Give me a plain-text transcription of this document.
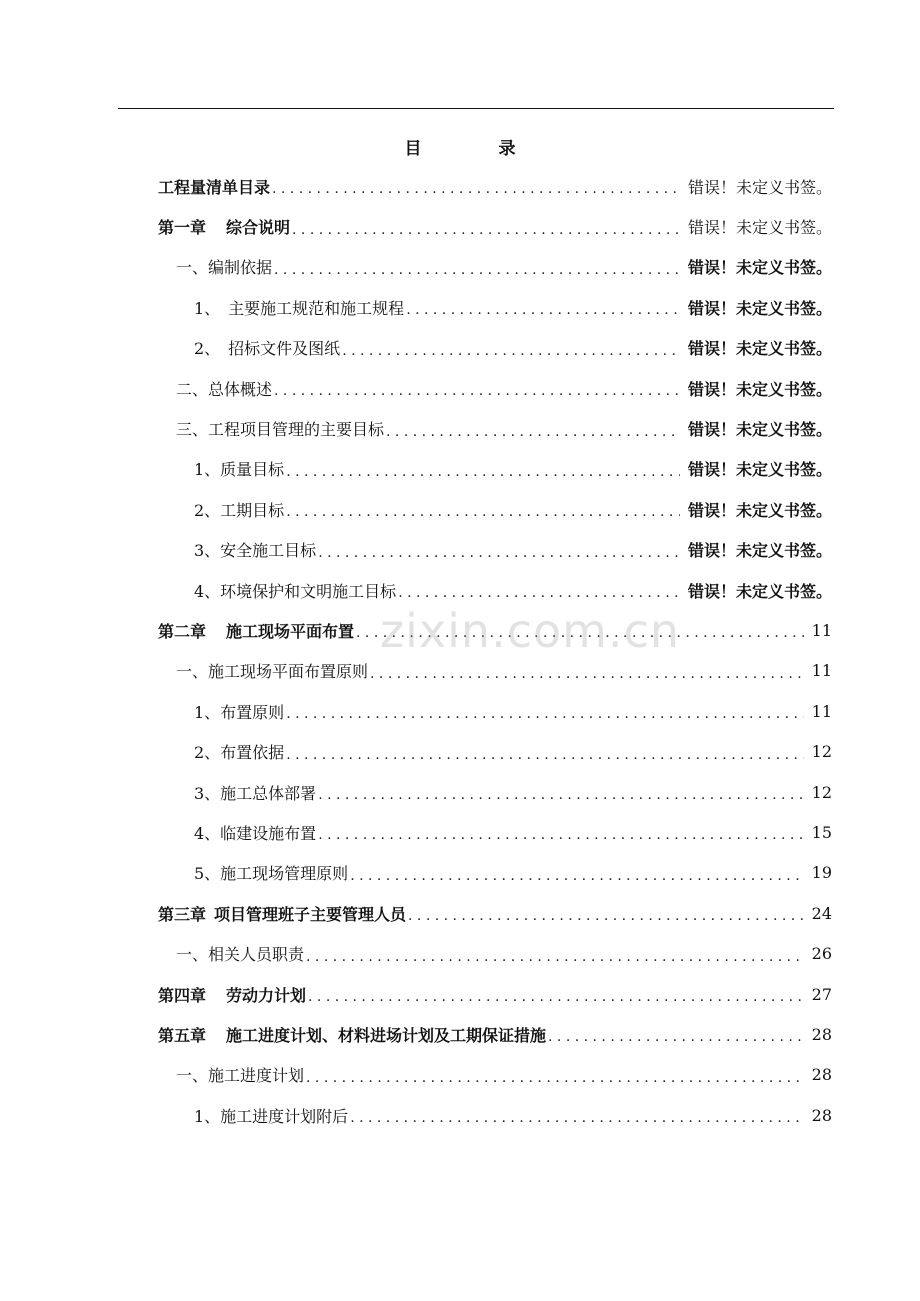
目　录
工程量清单目录 . . .	错误！未定义书签。
第一章 综合说明 . . .	错误！未定义书签。
一、编制依据 . . .	错误！未定义书签。
1、　主要施工规范和施工规程 . . .	错误！未定义书签。
2、　招标文件及图纸 . . .	错误！未定义书签。
二、总体概述 . . .	错误！未定义书签。
三、工程项目管理的主要目标 . . .	错误！未定义书签。
1、质量目标 . . .	错误！未定义书签。
2、工期目标 . . .	错误！未定义书签。
3、安全施工目标 . . .	错误！未定义书签。
4、环境保护和文明施工目标 . . .	错误！未定义书签。
第二章 施工现场平面布置 . . .	11
一、施工现场平面布置原则 . . .	11
1、布置原则 . . .	11
2、布置依据 . . .	12
3、施工总体部署 . . .	12
4、临建设施布置 . . .	15
5、施工现场管理原则 . . .	19
第三章 项目管理班子主要管理人员 . . .	24
一、相关人员职责 . . .	26
第四章 劳动力计划 . . .	27
第五章 施工进度计划、材料进场计划及工期保证措施 . . .	28
一、施工进度计划 . . .	28
1、施工进度计划附后 . . .	28
zixin.com.cn
